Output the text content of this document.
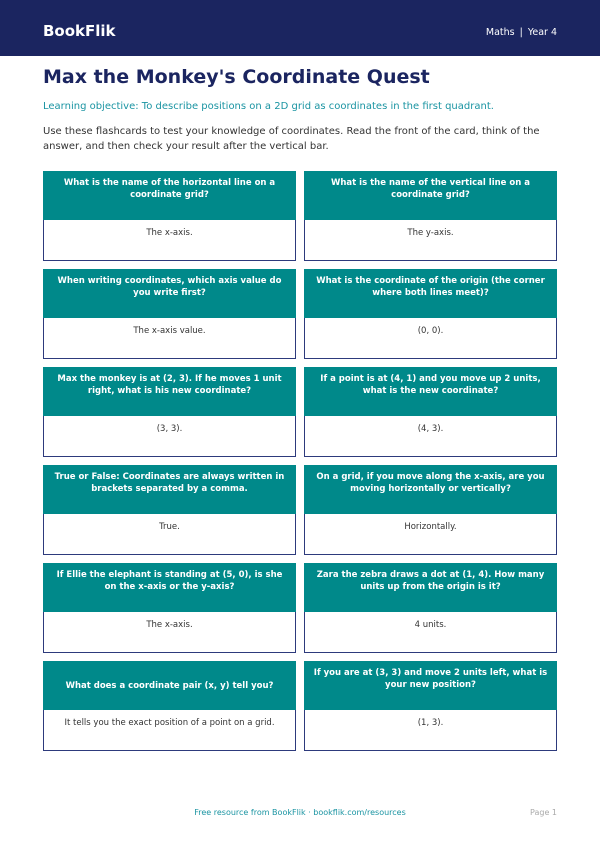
BookFlik	Maths | Year 4
Max the Monkey's Coordinate Quest

Learning objective: To describe positions on a 2D grid as coordinates in the first quadrant.

Use these flashcards to test your knowledge of coordinates. Read the front of the card, think of the answer, and then check your result after the vertical bar.

What is the name of the horizontal line on a coordinate grid?
The x-axis.
What is the name of the vertical line on a coordinate grid?
The y-axis.
When writing coordinates, which axis value do you write first?
The x-axis value.
What is the coordinate of the origin (the corner where both lines meet)?
(0, 0).
Max the monkey is at (2, 3). If he moves 1 unit right, what is his new coordinate?
(3, 3).
If a point is at (4, 1) and you move up 2 units, what is the new coordinate?
(4, 3).
True or False: Coordinates are always written in brackets separated by a comma.
True.
On a grid, if you move along the x-axis, are you moving horizontally or vertically?
Horizontally.
If Ellie the elephant is standing at (5, 0), is she on the x-axis or the y-axis?
The x-axis.
Zara the zebra draws a dot at (1, 4). How many units up from the origin is it?
4 units.
What does a coordinate pair (x, y) tell you?
It tells you the exact position of a point on a grid.
If you are at (3, 3) and move 2 units left, what is your new position?
(1, 3).
Free resource from BookFlik · bookflik.com/resources	Page 1
